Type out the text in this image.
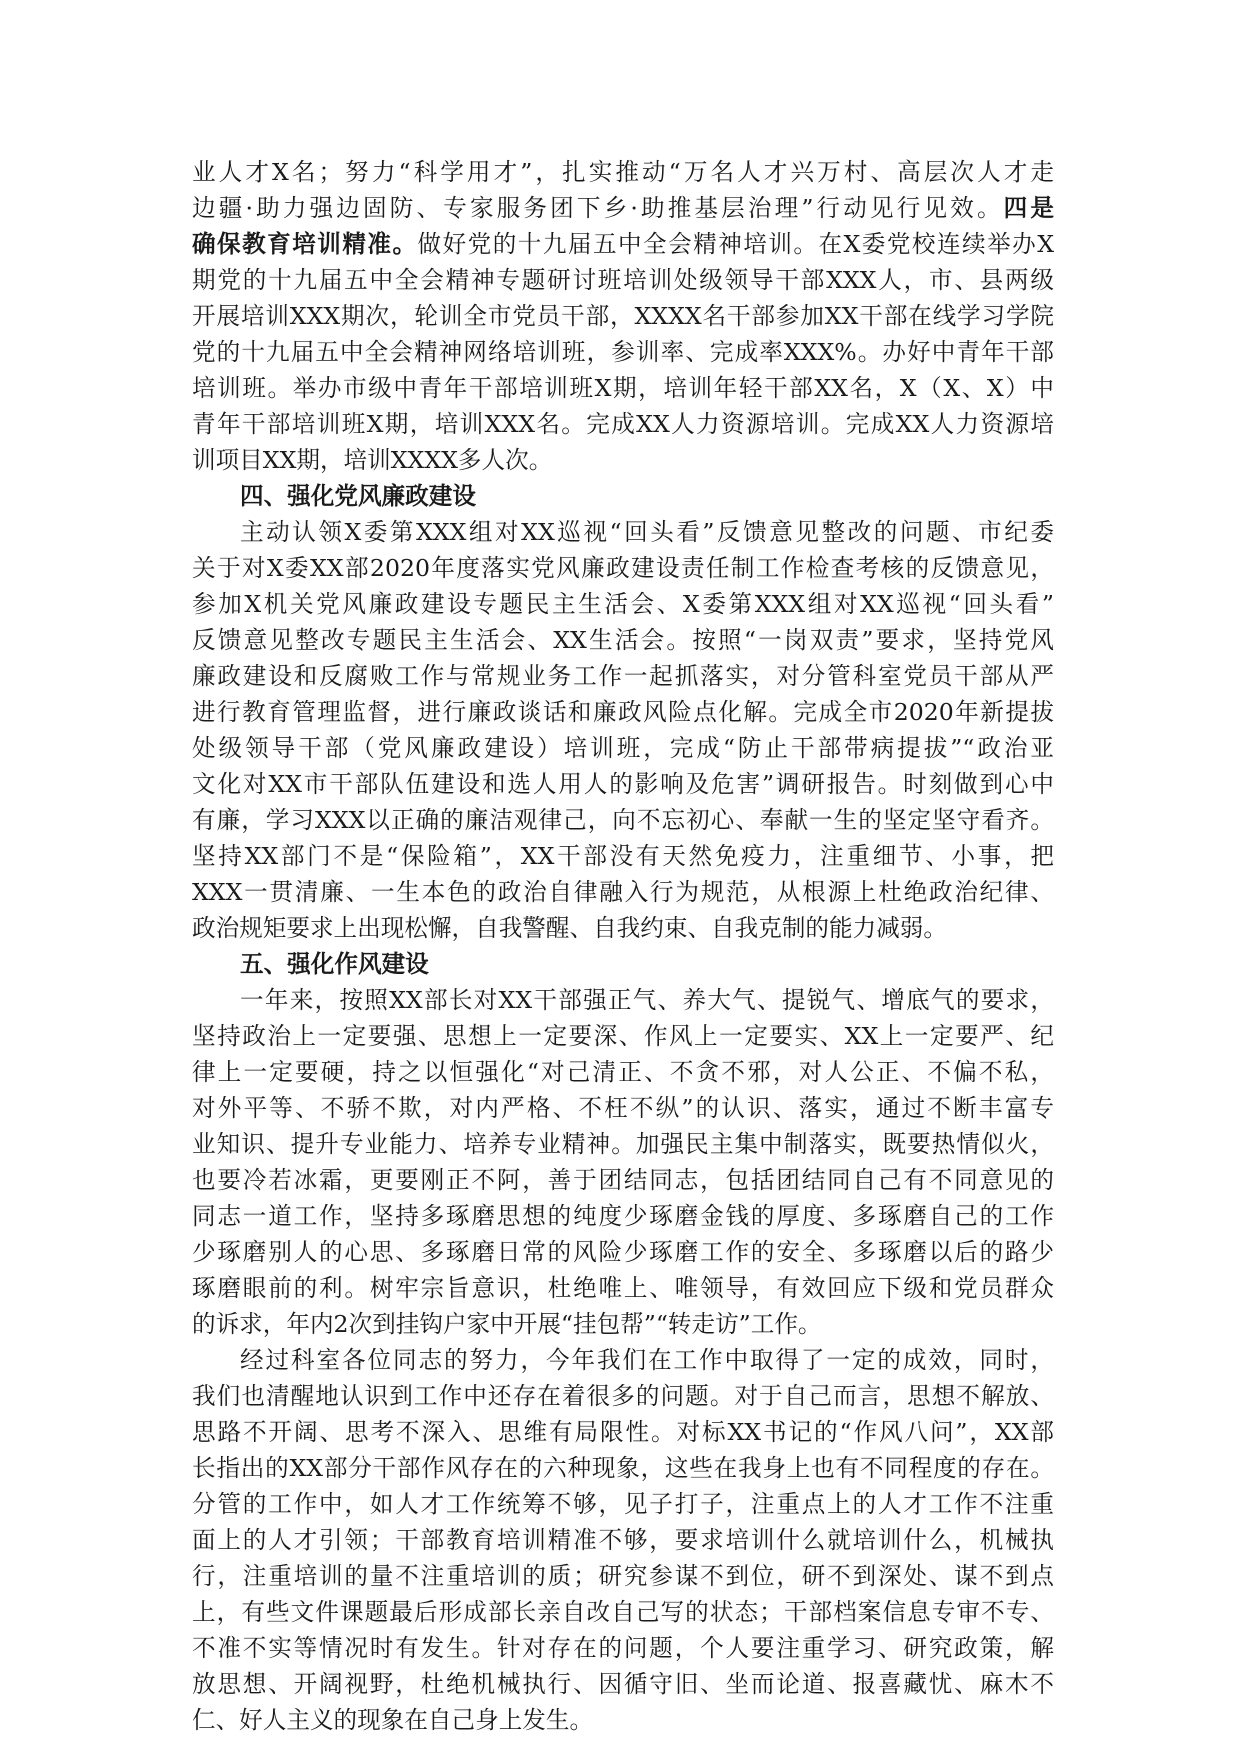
业人才X名；努力“科学用才”，扎实推动“万名人才兴万村、高层次人才走
边疆·助力强边固防、专家服务团下乡·助推基层治理”行动见行见效。四是
确保教育培训精准。做好党的十九届五中全会精神培训。在X委党校连续举办X
期党的十九届五中全会精神专题研讨班培训处级领导干部XXX人，市、县两级
开展培训XXX期次，轮训全市党员干部，XXXX名干部参加XX干部在线学习学院
党的十九届五中全会精神网络培训班，参训率、完成率XXX%。办好中青年干部
培训班。举办市级中青年干部培训班X期，培训年轻干部XX名，X（X、X）中
青年干部培训班X期，培训XXX名。完成XX人力资源培训。完成XX人力资源培
训项目XX期，培训XXXX多人次。
四、强化党风廉政建设
主动认领X委第XXX组对XX巡视“回头看”反馈意见整改的问题、市纪委
关于对X委XX部2020年度落实党风廉政建设责任制工作检查考核的反馈意见，
参加X机关党风廉政建设专题民主生活会、X委第XXX组对XX巡视“回头看”
反馈意见整改专题民主生活会、XX生活会。按照“一岗双责”要求，坚持党风
廉政建设和反腐败工作与常规业务工作一起抓落实，对分管科室党员干部从严
进行教育管理监督，进行廉政谈话和廉政风险点化解。完成全市2020年新提拔
处级领导干部（党风廉政建设）培训班，完成“防止干部带病提拔”“政治亚
文化对XX市干部队伍建设和选人用人的影响及危害”调研报告。时刻做到心中
有廉，学习XXX以正确的廉洁观律己，向不忘初心、奉献一生的坚定坚守看齐。
坚持XX部门不是“保险箱”，XX干部没有天然免疫力，注重细节、小事，把
XXX一贯清廉、一生本色的政治自律融入行为规范，从根源上杜绝政治纪律、
政治规矩要求上出现松懈，自我警醒、自我约束、自我克制的能力减弱。
五、强化作风建设
一年来，按照XX部长对XX干部强正气、养大气、提锐气、增底气的要求，
坚持政治上一定要强、思想上一定要深、作风上一定要实、XX上一定要严、纪
律上一定要硬，持之以恒强化“对己清正、不贪不邪，对人公正、不偏不私，
对外平等、不骄不欺，对内严格、不枉不纵”的认识、落实，通过不断丰富专
业知识、提升专业能力、培养专业精神。加强民主集中制落实，既要热情似火，
也要冷若冰霜，更要刚正不阿，善于团结同志，包括团结同自己有不同意见的
同志一道工作，坚持多琢磨思想的纯度少琢磨金钱的厚度、多琢磨自己的工作
少琢磨别人的心思、多琢磨日常的风险少琢磨工作的安全、多琢磨以后的路少
琢磨眼前的利。树牢宗旨意识，杜绝唯上、唯领导，有效回应下级和党员群众
的诉求，年内2次到挂钩户家中开展“挂包帮”“转走访”工作。
经过科室各位同志的努力，今年我们在工作中取得了一定的成效，同时，
我们也清醒地认识到工作中还存在着很多的问题。对于自己而言，思想不解放、
思路不开阔、思考不深入、思维有局限性。对标XX书记的“作风八问”，XX部
长指出的XX部分干部作风存在的六种现象，这些在我身上也有不同程度的存在。
分管的工作中，如人才工作统筹不够，见子打子，注重点上的人才工作不注重
面上的人才引领；干部教育培训精准不够，要求培训什么就培训什么，机械执
行，注重培训的量不注重培训的质；研究参谋不到位，研不到深处、谋不到点
上，有些文件课题最后形成部长亲自改自己写的状态；干部档案信息专审不专、
不准不实等情况时有发生。针对存在的问题，个人要注重学习、研究政策，解
放思想、开阔视野，杜绝机械执行、因循守旧、坐而论道、报喜藏忧、麻木不
仁、好人主义的现象在自己身上发生。
